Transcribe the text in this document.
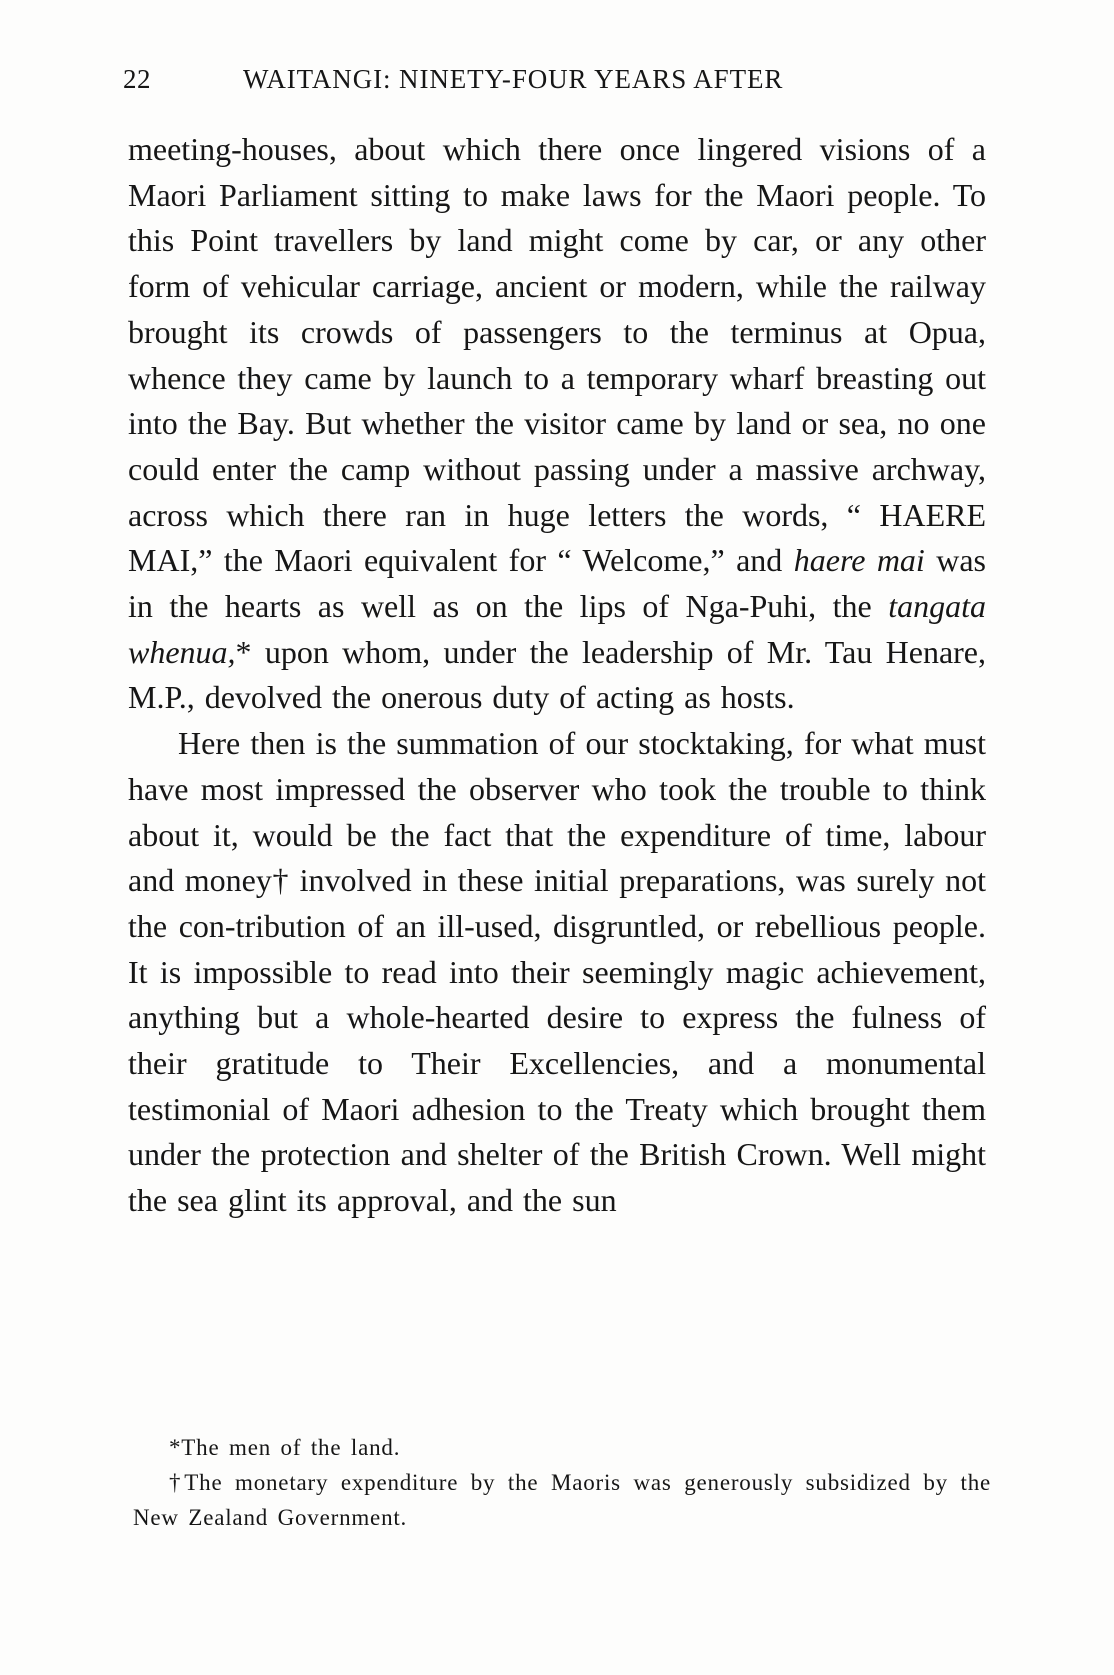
22	WAITANGI: NINETY-FOUR YEARS AFTER

meeting-houses, about which there once lingered visions of a Maori Parliament sitting to make laws for the Maori people. To this Point travellers by land might come by car, or any other form of vehicular carriage, ancient or modern, while the railway brought its crowds of passengers to the terminus at Opua, whence they came by launch to a temporary wharf breasting out into the Bay. But whether the visitor came by land or sea, no one could enter the camp without passing under a massive archway, across which there ran in huge letters the words, “ HAERE MAI,” the Maori equivalent for “ Welcome,” and haere mai was in the hearts as well as on the lips of Nga-Puhi, the tangata whenua,* upon whom, under the leadership of Mr. Tau Henare, M.P., devolved the onerous duty of acting as hosts.

Here then is the summation of our stocktaking, for what must have most impressed the observer who took the trouble to think about it, would be the fact that the expenditure of time, labour and money† involved in these initial preparations, was surely not the con-tribution of an ill-used, disgruntled, or rebellious people. It is impossible to read into their seemingly magic achievement, anything but a whole-hearted desire to express the fulness of their gratitude to Their Excellencies, and a monumental testimonial of Maori adhesion to the Treaty which brought them under the protection and shelter of the British Crown. Well might the sea glint its approval, and the sun

*The men of the land.

†The monetary expenditure by the Maoris was generously subsidized by the New Zealand Government.
